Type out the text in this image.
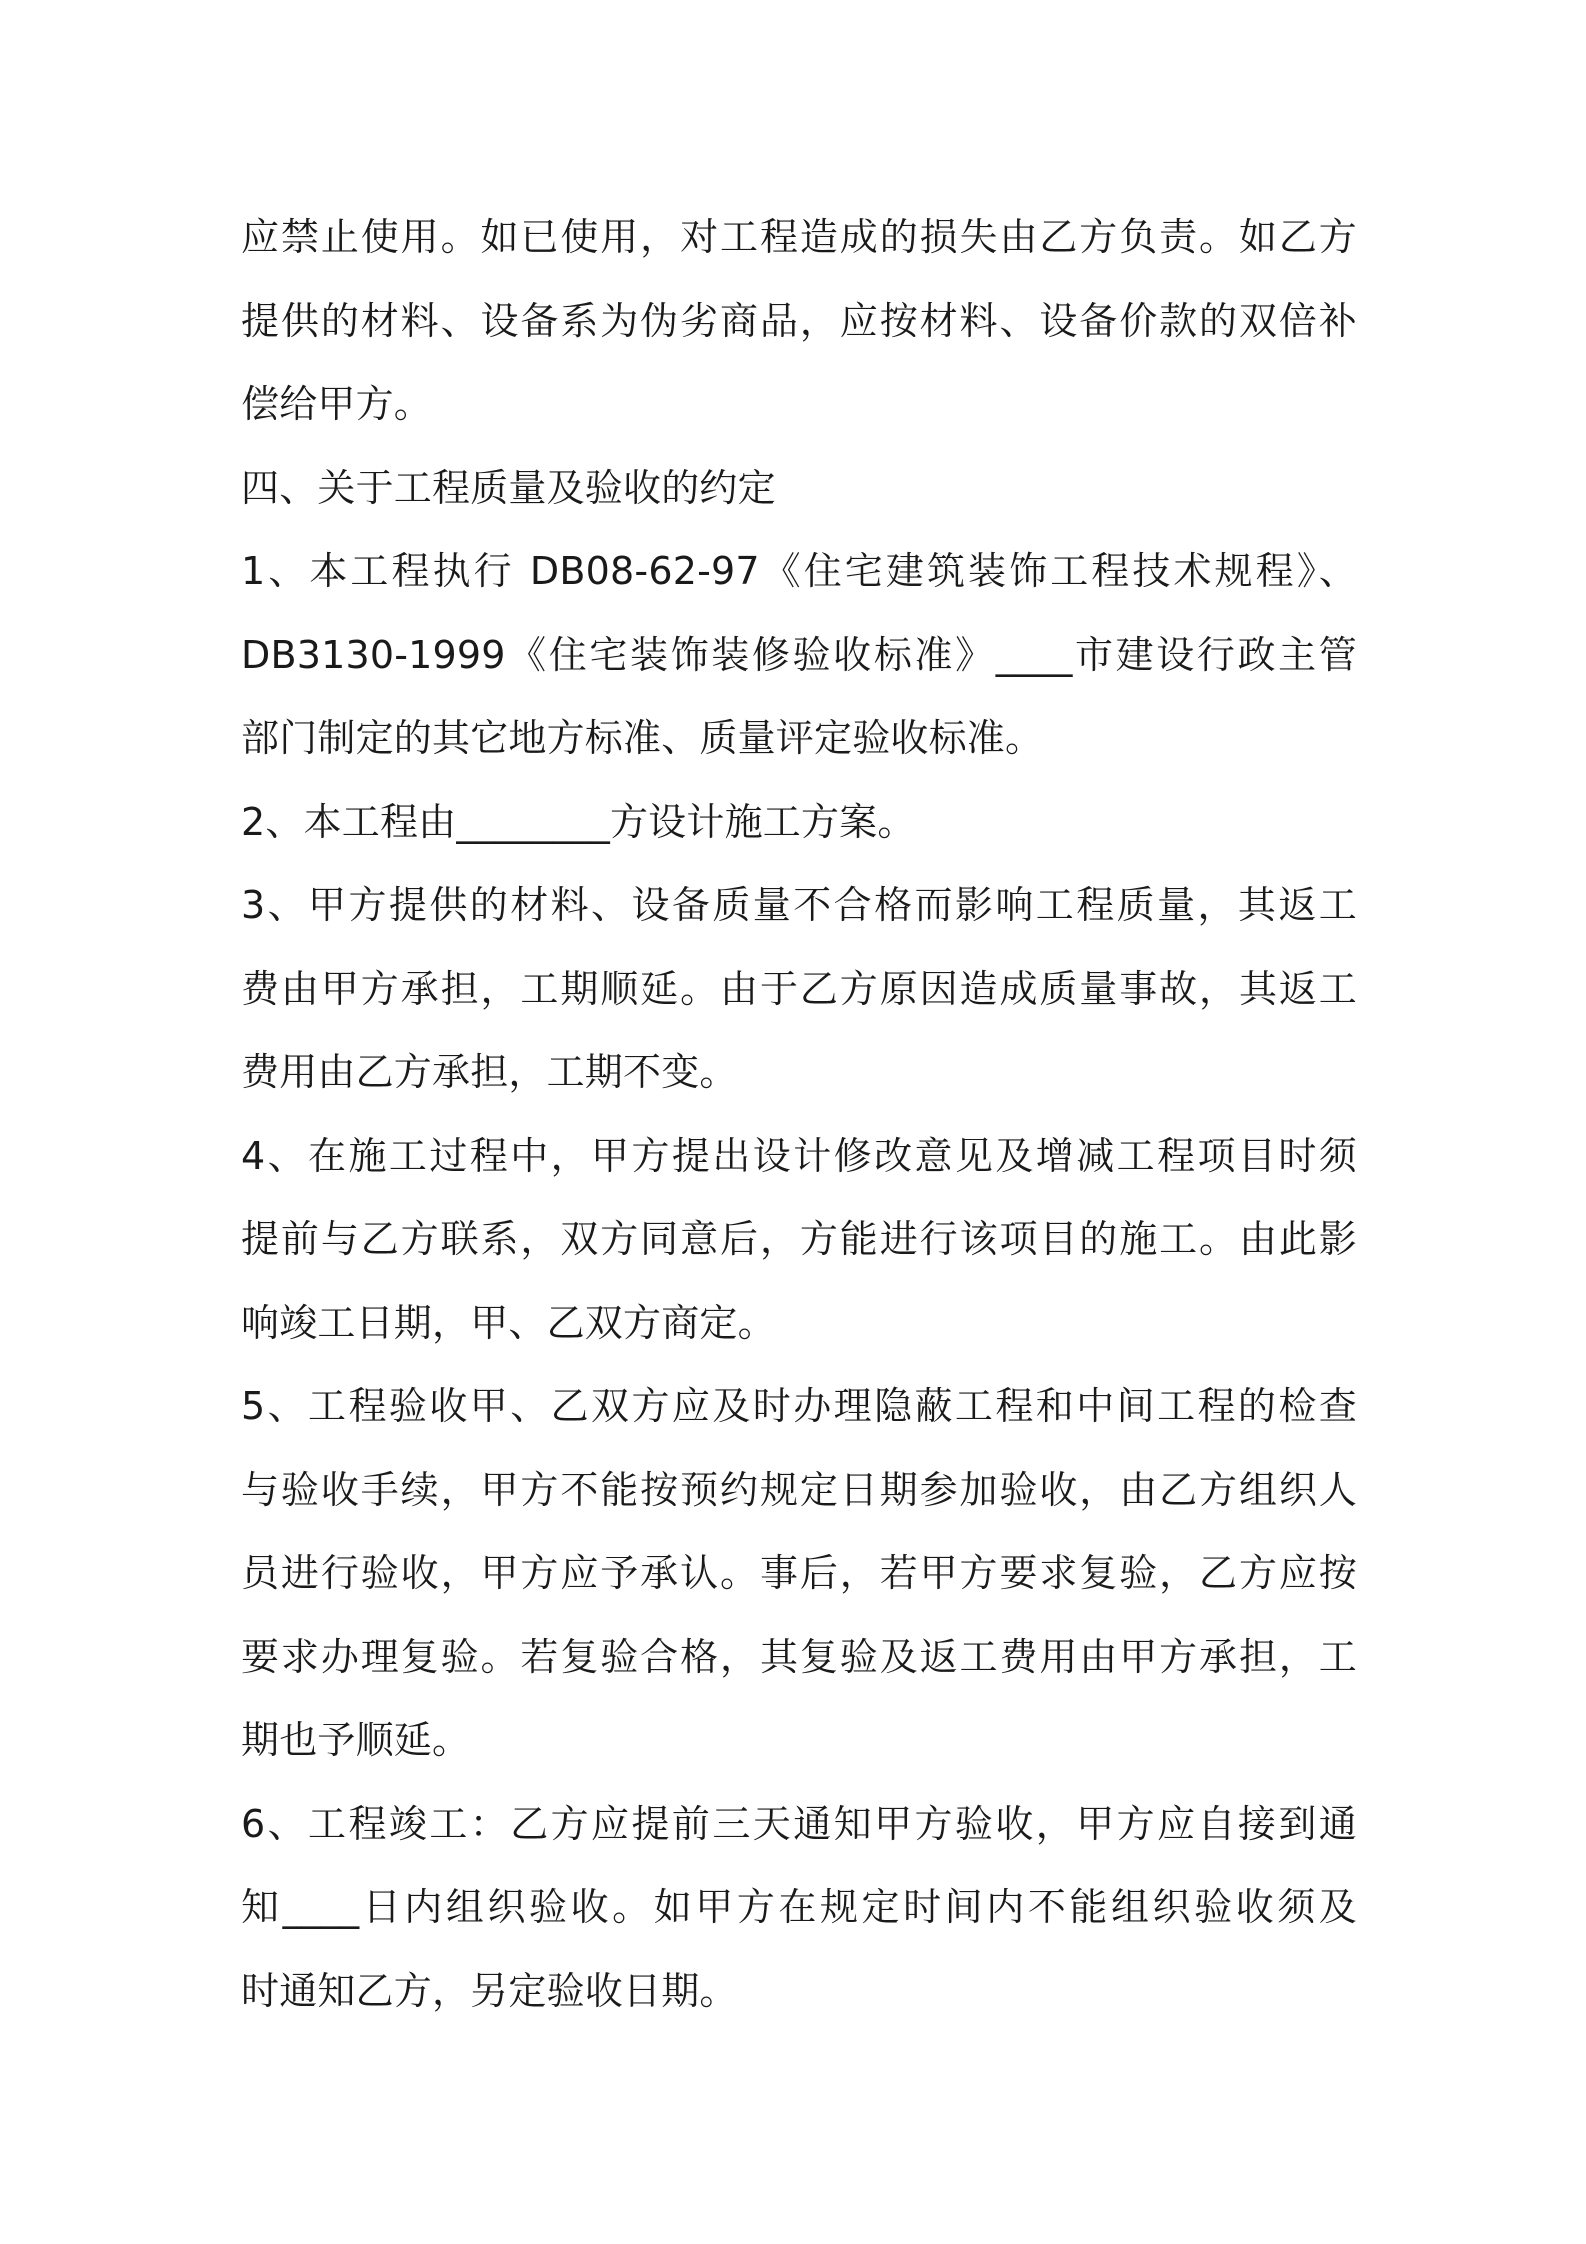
应禁止使用。如已使用，对工程造成的损失由乙方负责。如乙方
提供的材料、设备系为伪劣商品，应按材料、设备价款的双倍补
偿给甲方。
四、关于工程质量及验收的约定
1、本工程执行 DB08-62-97《住宅建筑装饰工程技术规程》、
DB3130-1999《住宅装饰装修验收标准》____市建设行政主管
部门制定的其它地方标准、质量评定验收标准。
2、本工程由________方设计施工方案。
3、甲方提供的材料、设备质量不合格而影响工程质量，其返工
费由甲方承担，工期顺延。由于乙方原因造成质量事故，其返工
费用由乙方承担，工期不变。
4、在施工过程中，甲方提出设计修改意见及增减工程项目时须
提前与乙方联系，双方同意后，方能进行该项目的施工。由此影
响竣工日期，甲、乙双方商定。
5、工程验收甲、乙双方应及时办理隐蔽工程和中间工程的检查
与验收手续，甲方不能按预约规定日期参加验收，由乙方组织人
员进行验收，甲方应予承认。事后，若甲方要求复验，乙方应按
要求办理复验。若复验合格，其复验及返工费用由甲方承担，工
期也予顺延。
6、工程竣工：乙方应提前三天通知甲方验收，甲方应自接到通
知____日内组织验收。如甲方在规定时间内不能组织验收须及
时通知乙方，另定验收日期。
